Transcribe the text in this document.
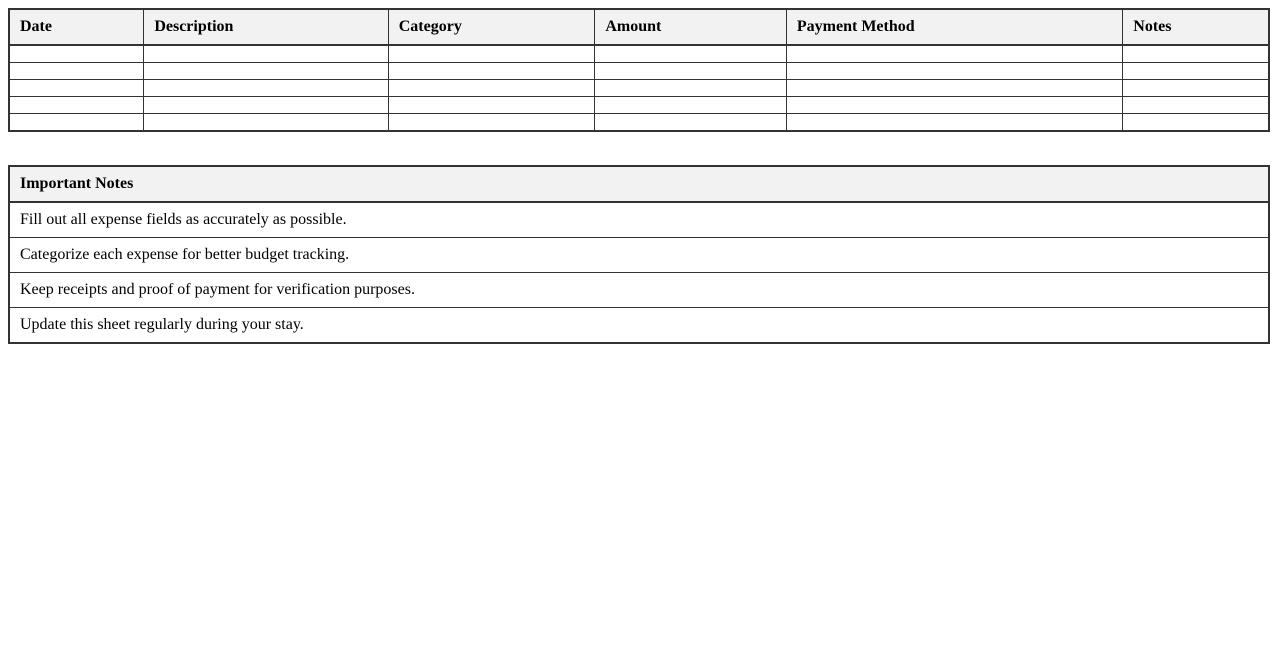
Date	Description	Category	Amount	Payment Method	Notes

Important Notes
Fill out all expense fields as accurately as possible.
Categorize each expense for better budget tracking.
Keep receipts and proof of payment for verification purposes.
Update this sheet regularly during your stay.
